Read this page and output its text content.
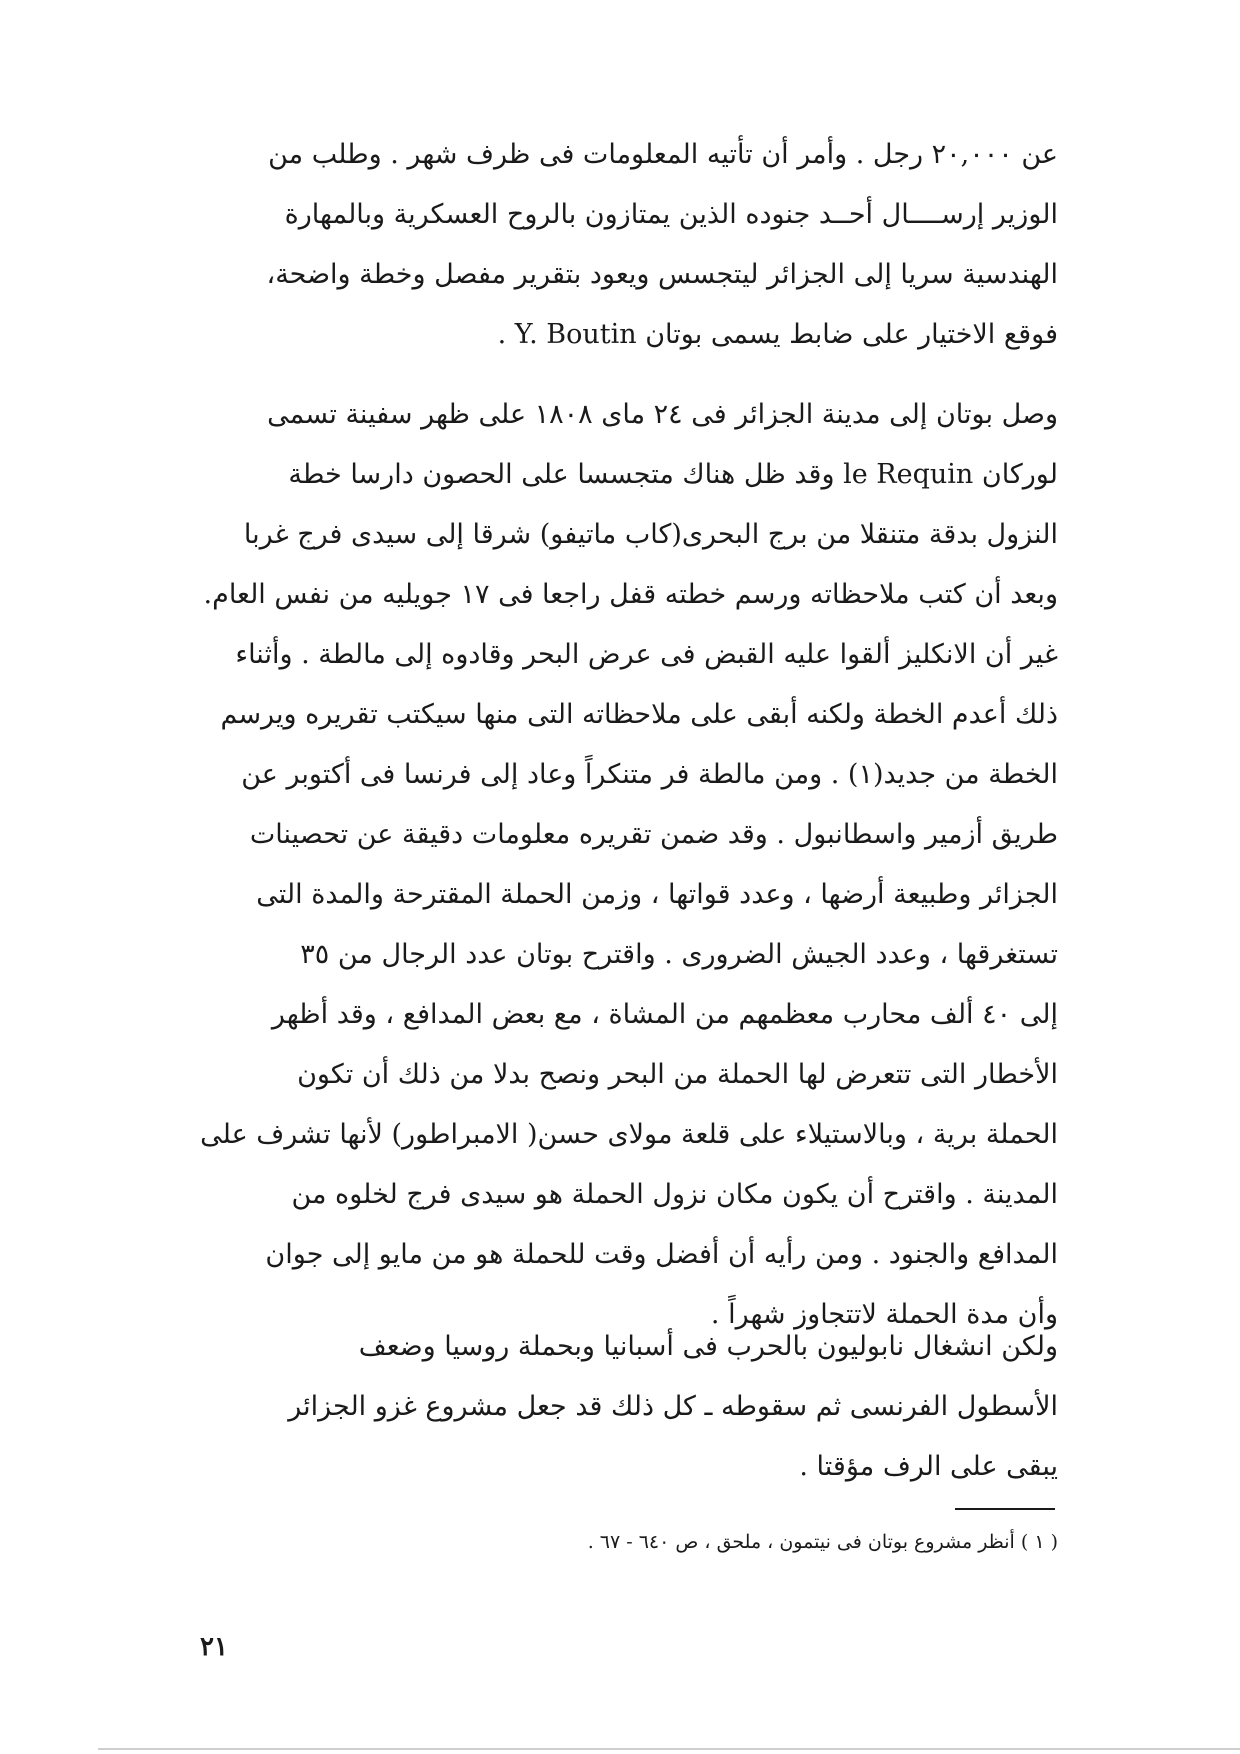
عن ٢٠,٠٠٠ رجل . وأمر أن تأتيه المعلومات فى ظرف شهر . وطلب من
الوزير إرســــال أحــد جنوده الذين يمتازون بالروح العسكرية وبالمهارة
الهندسية سريا إلى الجزائر ليتجسس ويعود بتقرير مفصل وخطة واضحة،
فوقع الاختيار على ضابط يسمى بوتان Y. Boutin .
وصل بوتان إلى مدينة الجزائر فى ٢٤ ماى ١٨٠٨ على ظهر سفينة تسمى
لوركان le Requin وقد ظل هناك متجسسا على الحصون دارسا خطة
النزول بدقة متنقلا من برج البحرى(كاب ماتيفو) شرقا إلى سيدى فرج غربا
وبعد أن كتب ملاحظاته ورسم خطته قفل راجعا فى ١٧ جويليه من نفس العام.
غير أن الانكليز ألقوا عليه القبض فى عرض البحر وقادوه إلى مالطة . وأثناء
ذلك أعدم الخطة ولكنه أبقى على ملاحظاته التى منها سيكتب تقريره ويرسم
الخطة من جديد(١) . ومن مالطة فر متنكراً وعاد إلى فرنسا فى أكتوبر عن
طريق أزمير واسطانبول . وقد ضمن تقريره معلومات دقيقة عن تحصينات
الجزائر وطبيعة أرضها ، وعدد قواتها ، وزمن الحملة المقترحة والمدة التى
تستغرقها ، وعدد الجيش الضرورى . واقترح بوتان عدد الرجال من ٣٥
إلى ٤٠ ألف محارب معظمهم من المشاة ، مع بعض المدافع ، وقد أظهر
الأخطار التى تتعرض لها الحملة من البحر ونصح بدلا من ذلك أن تكون
الحملة برية ، وبالاستيلاء على قلعة مولاى حسن( الامبراطور) لأنها تشرف على
المدينة . واقترح أن يكون مكان نزول الحملة هو سيدى فرج لخلوه من
المدافع والجنود . ومن رأيه أن أفضل وقت للحملة هو من مايو إلى جوان
وأن مدة الحملة لاتتجاوز شهراً .
ولكن انشغال نابوليون بالحرب فى أسبانيا وبحملة روسيا وضعف
الأسطول الفرنسى ثم سقوطه ـ كل ذلك قد جعل مشروع غزو الجزائر
يبقى على الرف مؤقتا .
( ١ ) أنظر مشروع بوتان فى نيتمون ، ملحق ، ص ٦٤٠ - ٦٧ .
٢١
